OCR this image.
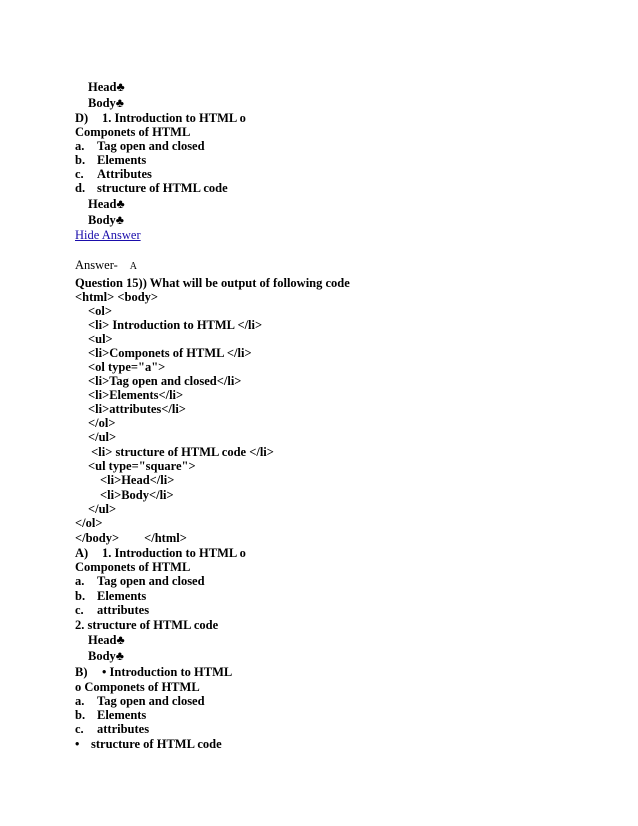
Head♣
Body♣
D) 1. Introduction to HTML o
Componets of HTML
a. Tag open and closed
b. Elements
c. Attributes
d. structure of HTML code
Head♣
Body♣
Hide Answer
Answer- A
Question 15)) What will be output of following code
<html> <body>
<ol>
<li> Introduction to HTML </li>
<ul>
<li>Componets of HTML </li>
<ol type="a">
<li>Tag open and closed</li>
<li>Elements</li>
<li>attributes</li>
</ol>
</ul>
<li> structure of HTML code </li>
<ul type="square">
<li>Head</li>
<li>Body</li>
</ul>
</ol>
</body>        </html>
A) 1. Introduction to HTML o
Componets of HTML
a. Tag open and closed
b. Elements
c. attributes
2. structure of HTML code
Head♣
Body♣
B) • Introduction to HTML
o Componets of HTML
a. Tag open and closed
b. Elements
c. attributes
• structure of HTML code
